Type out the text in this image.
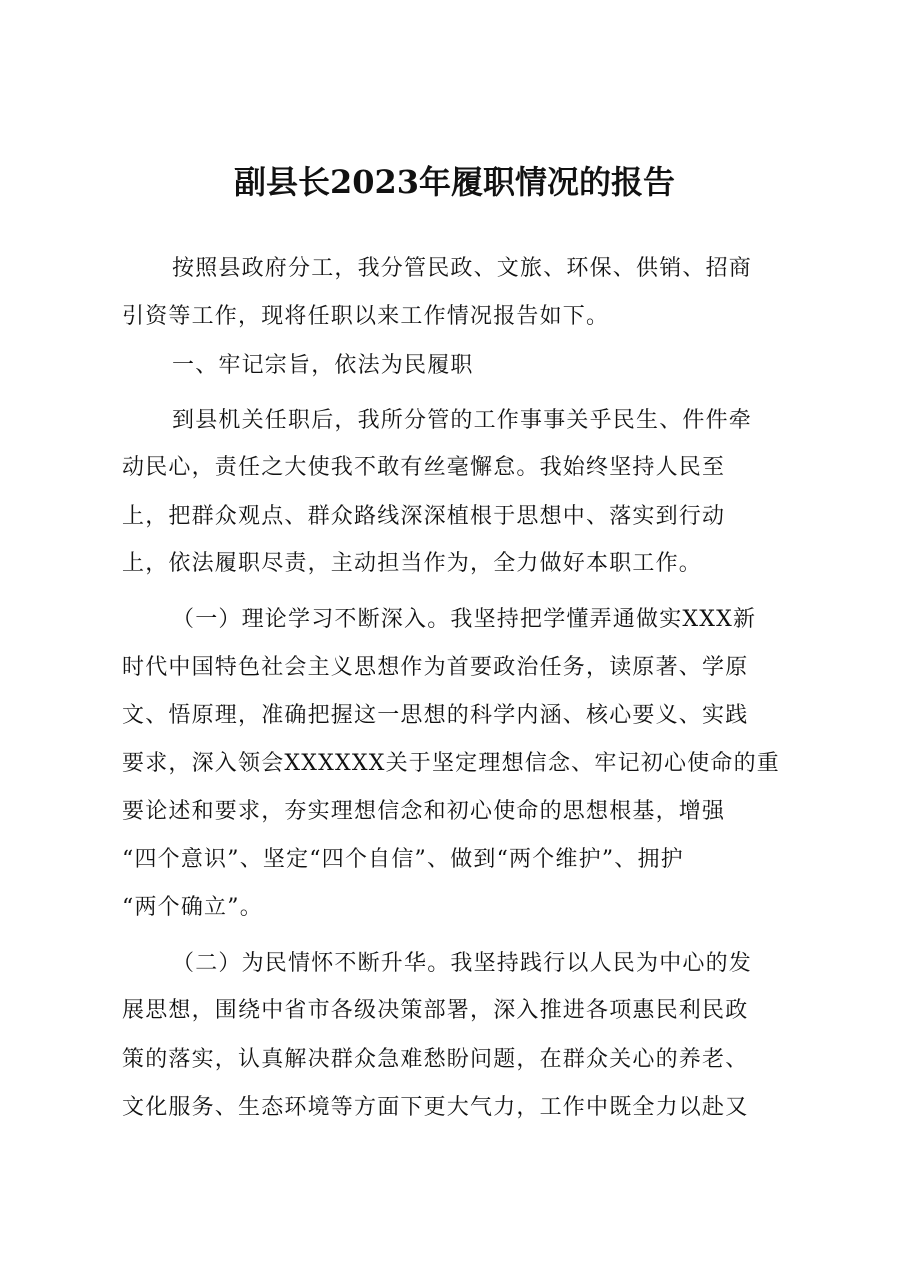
副县长2023年履职情况的报告

按照县政府分工，我分管民政、文旅、环保、供销、招商

引资等工作，现将任职以来工作情况报告如下。

一、牢记宗旨，依法为民履职

到县机关任职后，我所分管的工作事事关乎民生、件件牵

动民心，责任之大使我不敢有丝毫懈怠。我始终坚持人民至

上，把群众观点、群众路线深深植根于思想中、落实到行动

上，依法履职尽责，主动担当作为，全力做好本职工作。

（一）理论学习不断深入。我坚持把学懂弄通做实XXX新

时代中国特色社会主义思想作为首要政治任务，读原著、学原

文、悟原理，准确把握这一思想的科学内涵、核心要义、实践

要求，深入领会XXXXXX关于坚定理想信念、牢记初心使命的重

要论述和要求，夯实理想信念和初心使命的思想根基，增强

“四个意识”、坚定“四个自信”、做到“两个维护”、拥护

“两个确立”。

（二）为民情怀不断升华。我坚持践行以人民为中心的发

展思想，围绕中省市各级决策部署，深入推进各项惠民利民政

策的落实，认真解决群众急难愁盼问题，在群众关心的养老、

文化服务、生态环境等方面下更大气力，工作中既全力以赴又
